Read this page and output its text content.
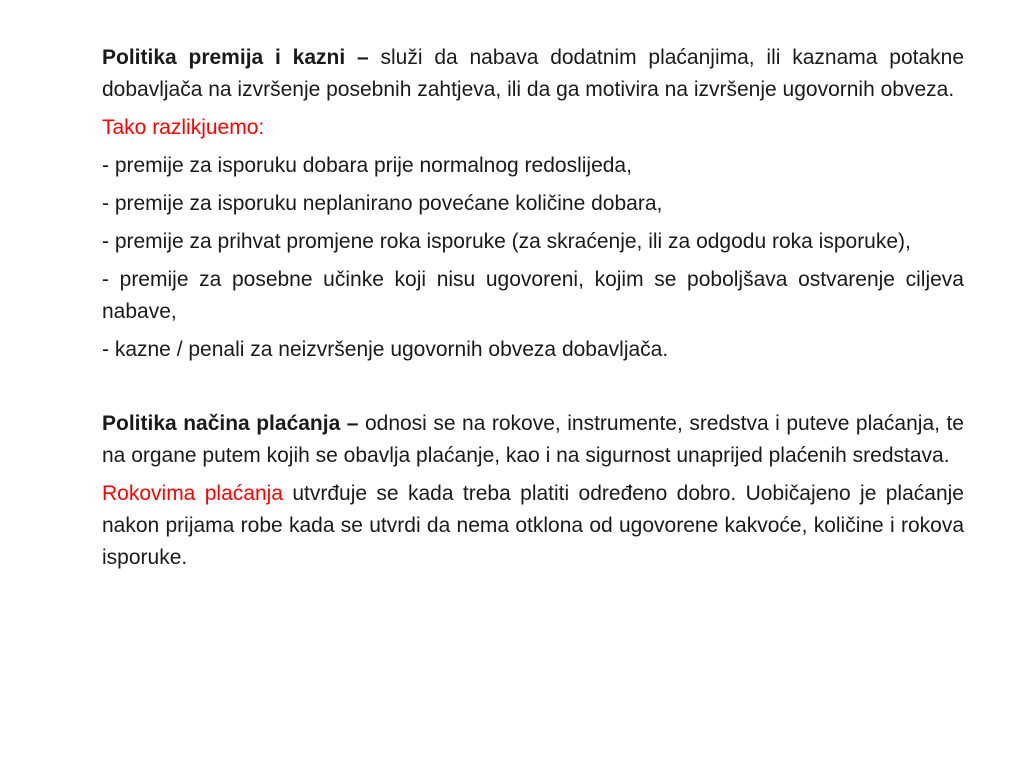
Politika premija i kazni – služi da nabava dodatnim plaćanjima, ili kaznama potakne dobavljača na izvršenje posebnih zahtjeva, ili da ga motivira na izvršenje ugovornih obveza.

Tako razlikjuemo:

- premije za isporuku dobara prije normalnog redoslijeda,

- premije za isporuku neplanirano povećane količine dobara,

- premije za prihvat promjene roka isporuke (za skraćenje, ili za odgodu roka isporuke),

- premije za posebne učinke koji nisu ugovoreni, kojim se poboljšava ostvarenje ciljeva nabave,

- kazne / penali za neizvršenje ugovornih obveza dobavljača.

Politika načina plaćanja – odnosi se na rokove, instrumente, sredstva i puteve plaćanja, te na organe putem kojih se obavlja plaćanje, kao i na sigurnost unaprijed plaćenih sredstava.

Rokovima plaćanja utvrđuje se kada treba platiti određeno dobro. Uobičajeno je plaćanje nakon prijama robe kada se utvrdi da nema otklona od ugovorene kakvoće, količine i rokova isporuke.
